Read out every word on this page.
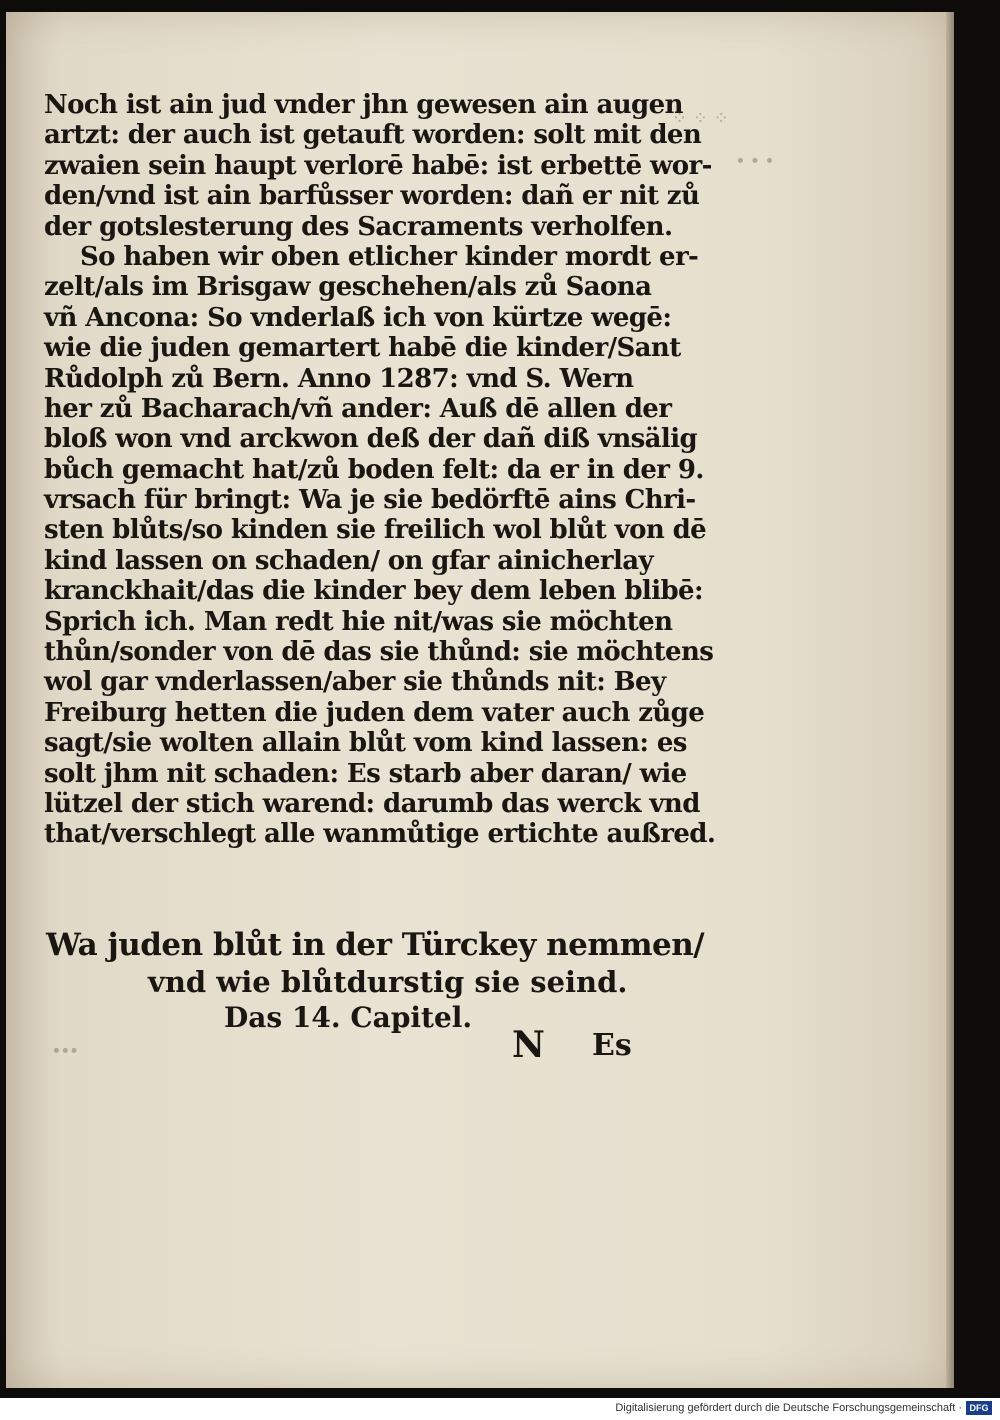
⁘ ⁘ ⁘
∙ ∙ ∙
∙∙∙
Noch ist ain jud vnder jhn gewesen ain augen
artzt: der auch ist getauft worden: solt mit den
zwaien sein haupt verlorē habē: ist erbettē wor-
den/vnd ist ain barfůsser worden: dañ er nit zů
der gotslesterung des Sacraments verholfen.
So haben wir oben etlicher kinder mordt er-
zelt/als im Brisgaw geschehen/als zů Saona
vñ Ancona: So vnderlaß ich von kürtze wegē:
wie die juden gemartert habē die kinder/Sant
Růdolph zů Bern. Anno 1287: vnd S. Wern
her zů Bacharach/vñ ander: Auß dē allen der
bloß won vnd arckwon deß der dañ diß vnsälig
bůch gemacht hat/zů boden felt: da er in der 9.
vrsach für bringt: Wa je sie bedörftē ains Chri-
sten blůts/so kinden sie freilich wol blůt von dē
kind lassen on schaden/ on gfar ainicherlay
kranckhait/das die kinder bey dem leben blibē:
Sprich ich. Man redt hie nit/was sie möchten
thůn/sonder von dē das sie thůnd: sie möchtens
wol gar vnderlassen/aber sie thůnds nit: Bey
Freiburg hetten die juden dem vater auch zůge
sagt/sie wolten allain blůt vom kind lassen: es
solt jhm nit schaden: Es starb aber daran/ wie
lützel der stich warend: darumb das werck vnd
that/verschlegt alle wanmůtige ertichte außred.
Wa juden blůt in der Türckey nemmen/
vnd wie blůtdurstig sie seind.
Das 14. Capitel.
N Es
Digitalisierung gefördert durch die Deutsche Forschungsgemeinschaft · DFG
